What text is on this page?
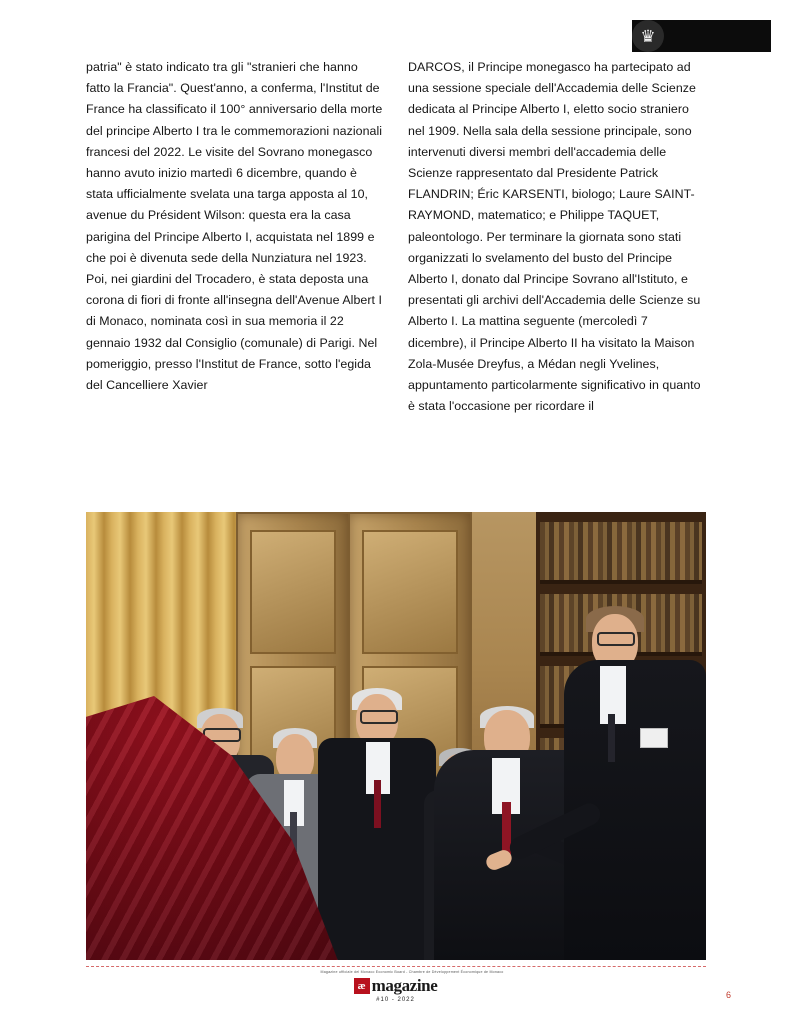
♛

patria" è stato indicato tra gli "stranieri che hanno fatto la Francia". Quest'anno, a conferma, l'Institut de France ha classificato il 100° anniversario della morte del principe Alberto I tra le commemorazioni nazionali francesi del 2022. Le visite del Sovrano monegasco hanno avuto inizio martedì 6 dicembre, quando è stata ufficialmente svelata una targa apposta al 10, avenue du Président Wilson: questa era la casa parigina del Principe Alberto I, acquistata nel 1899 e che poi è divenuta sede della Nunziatura nel 1923. Poi, nei giardini del Trocadero, è stata deposta una corona di fiori di fronte all'insegna dell'Avenue Albert I di Monaco, nominata così in sua memoria il 22 gennaio 1932 dal Consiglio (comunale) di Parigi. Nel pomeriggio, presso l'Institut de France, sotto l'egida del Cancelliere Xavier

DARCOS, il Principe monegasco ha partecipato ad una sessione speciale dell'Accademia delle Scienze dedicata al Principe Alberto I, eletto socio straniero nel 1909. Nella sala della sessione principale, sono intervenuti diversi membri dell'accademia delle Scienze rappresentato dal Presidente Patrick FLANDRIN; Éric KARSENTI, biologo; Laure SAINT-RAYMOND, matematico; e Philippe TAQUET, paleontologo. Per terminare la giornata sono stati organizzati lo svelamento del busto del Principe Alberto I, donato dal Principe Sovrano all'Istituto, e presentati gli archivi dell'Accademia delle Scienze su Alberto I. La mattina seguente (mercoledì 7 dicembre), il Principe Alberto II ha visitato la Maison Zola-Musée Dreyfus, a Médan negli Yvelines, appuntamento particolarmente significativo in quanto è stata l'occasione per ricordare il

Magazine ufficiale del Monaco Economic Board - Chambre de Développement Économique de Monaco
æ magazine
#10 - 2022	6
